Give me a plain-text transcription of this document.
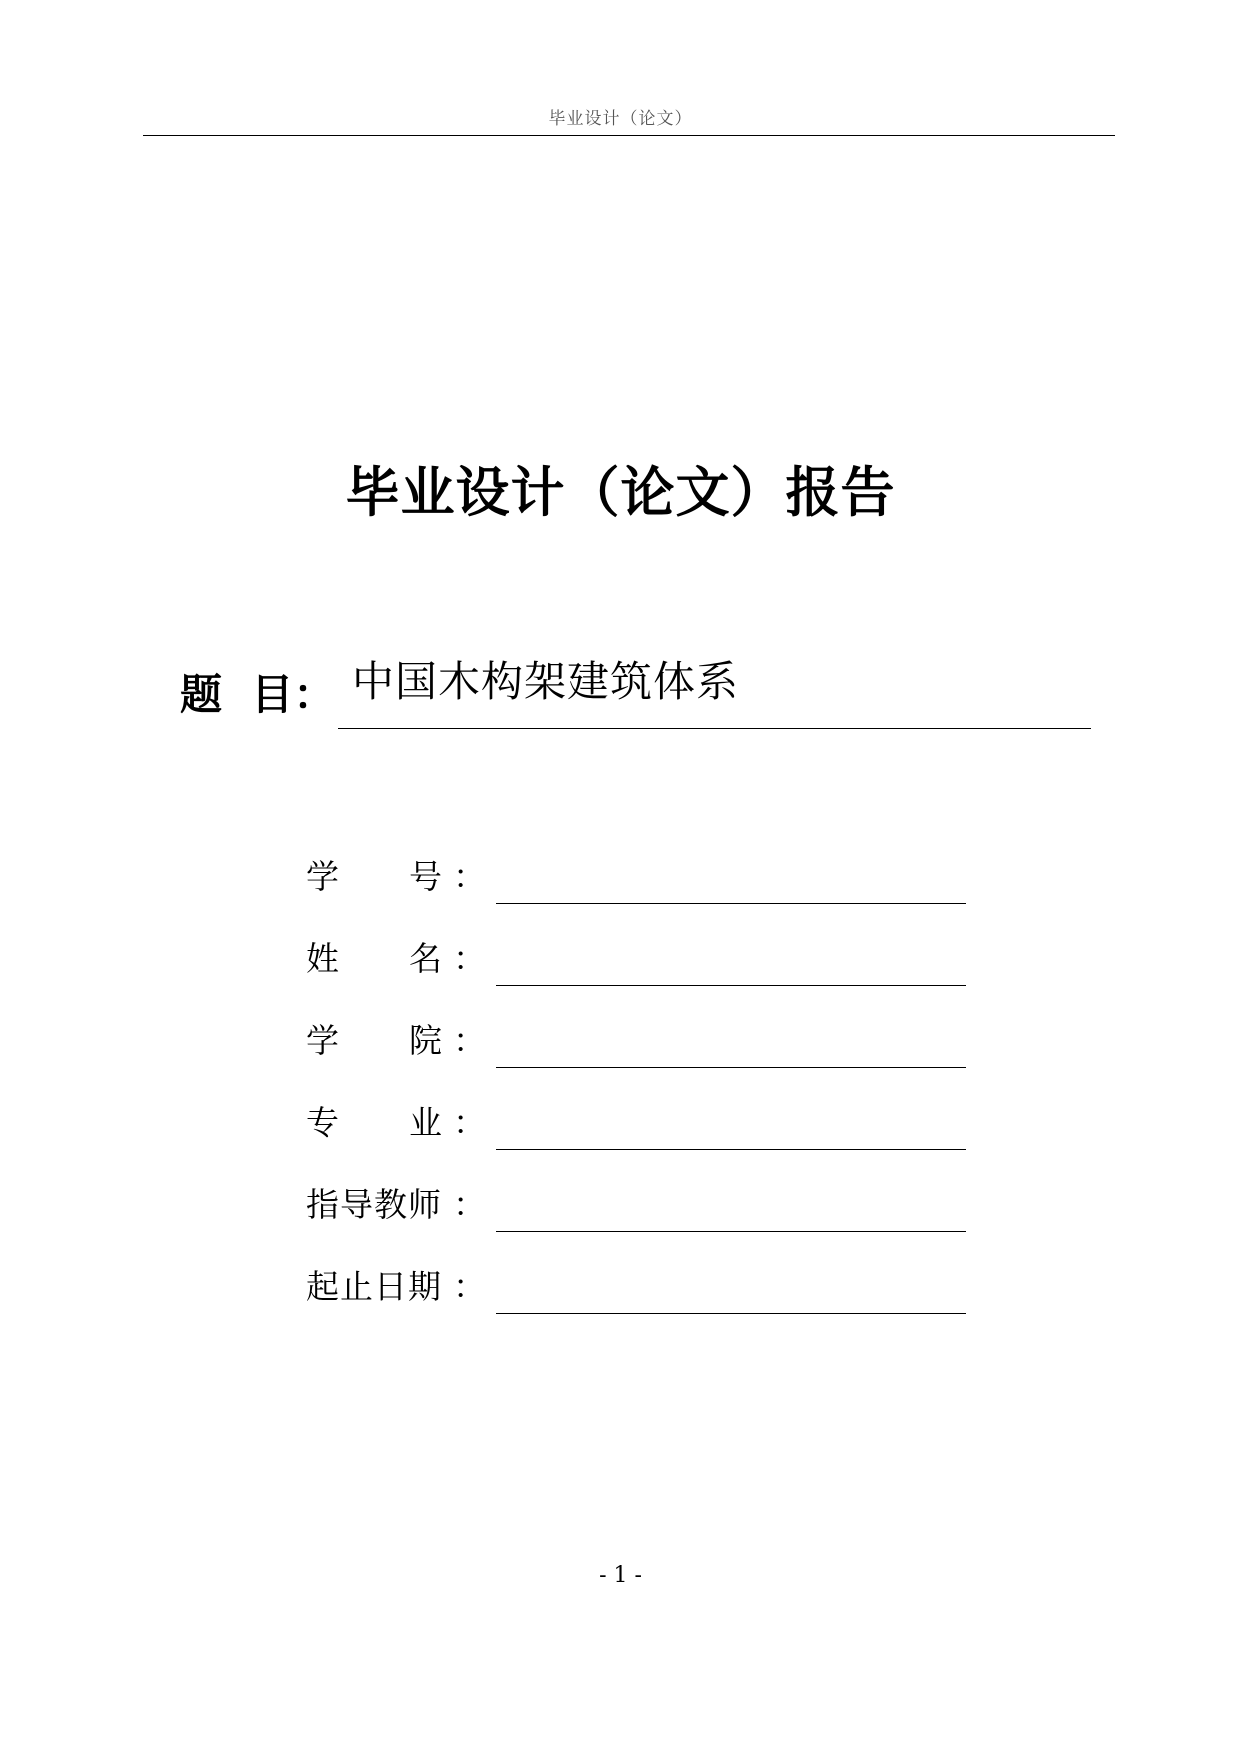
毕业设计（论文）
毕业设计（论文）报告
题  目： 中国木构架建筑体系
学      号 ：
姓      名 ：
学      院 ：
专      业 ：
指导教师 ：
起止日期 ：
- 1 -
